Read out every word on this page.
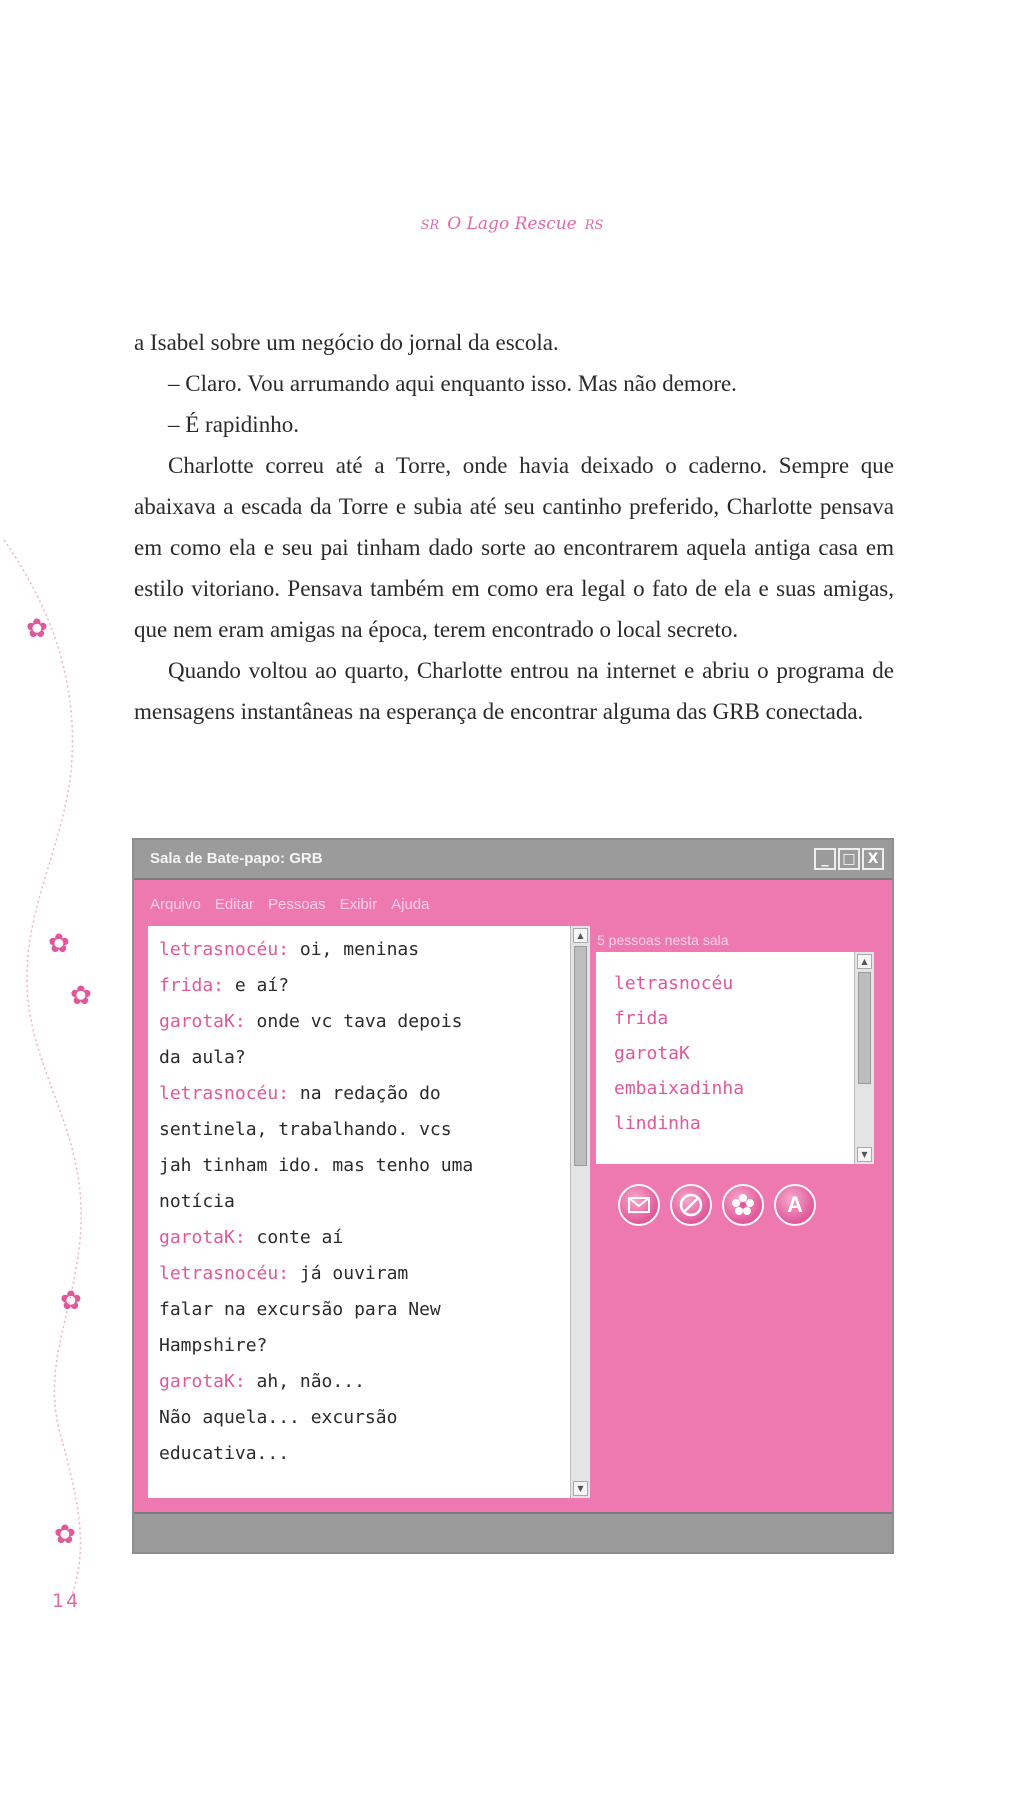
SR O Lago Rescue RS

a Isabel sobre um negócio do jornal da escola.

– Claro. Vou arrumando aqui enquanto isso. Mas não demore.

– É rapidinho.

Charlotte correu até a Torre, onde havia deixado o caderno. Sempre que abaixava a escada da Torre e subia até seu cantinho preferido, Charlotte pensava em como ela e seu pai tinham dado sorte ao encontrarem aquela antiga casa em estilo vitoriano. Pensava também em como era legal o fato de ela e suas amigas, que nem eram amigas na época, terem encontrado o local secreto.

Quando voltou ao quarto, Charlotte entrou na internet e abriu o programa de mensagens instantâneas na esperança de encontrar alguma das GRB conectada.

✿
✿
✿
✿
✿
14
Sala de Bate-papo: GRB	_ □ X
Arquivo Editar Pessoas Exibir Ajuda
letrasnocéu: oi, meninas
frida: e aí?
garotaK: onde vc tava depois
da aula?
letrasnocéu: na redação do
sentinela, trabalhando. vcs
jah tinham ido. mas tenho uma
notícia
garotaK: conte aí
letrasnocéu: já ouviram
falar na excursão para New
Hampshire?
garotaK: ah, não...
Não aquela... excursão
educativa...
▲
▼
5 pessoas nesta sala
letrasnocéu
frida
garotaK
embaixadinha
lindinha
▲
▼
A
